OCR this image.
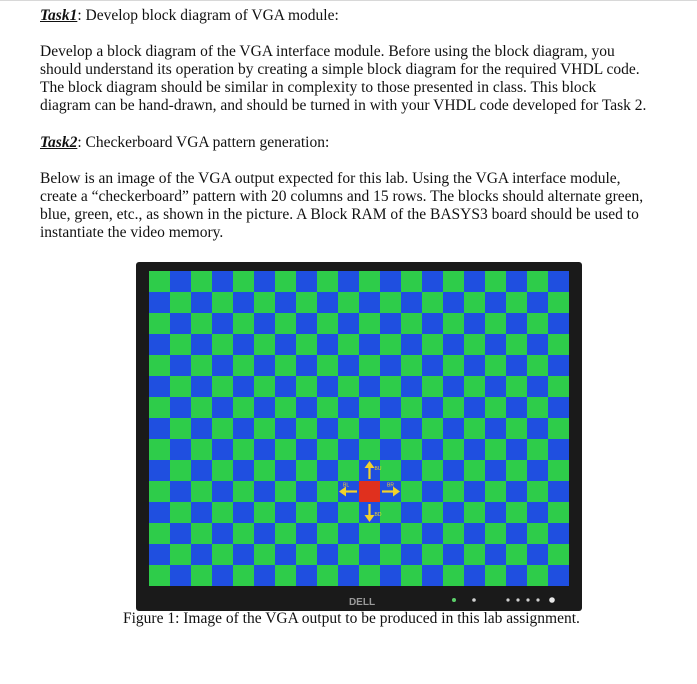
Task1: Develop block diagram of VGA module:
Develop a block diagram of the VGA interface module. Before using the block diagram, you
should understand its operation by creating a simple block diagram for the required VHDL code.
The block diagram should be similar in complexity to those presented in class. This block
diagram can be hand-drawn, and should be turned in with your VHDL code developed for Task 2.
Task2: Checkerboard VGA pattern generation:
Below is an image of the VGA output expected for this lab. Using the VGA interface module,
create a “checkerboard” pattern with 20 columns and 15 rows. The blocks should alternate green,
blue, green, etc., as shown in the picture. A Block RAM of the BASYS3 board should be used to
instantiate the video memory.
DELL
BU
BL	BR
BD
Figure 1: Image of the VGA output to be produced in this lab assignment.
